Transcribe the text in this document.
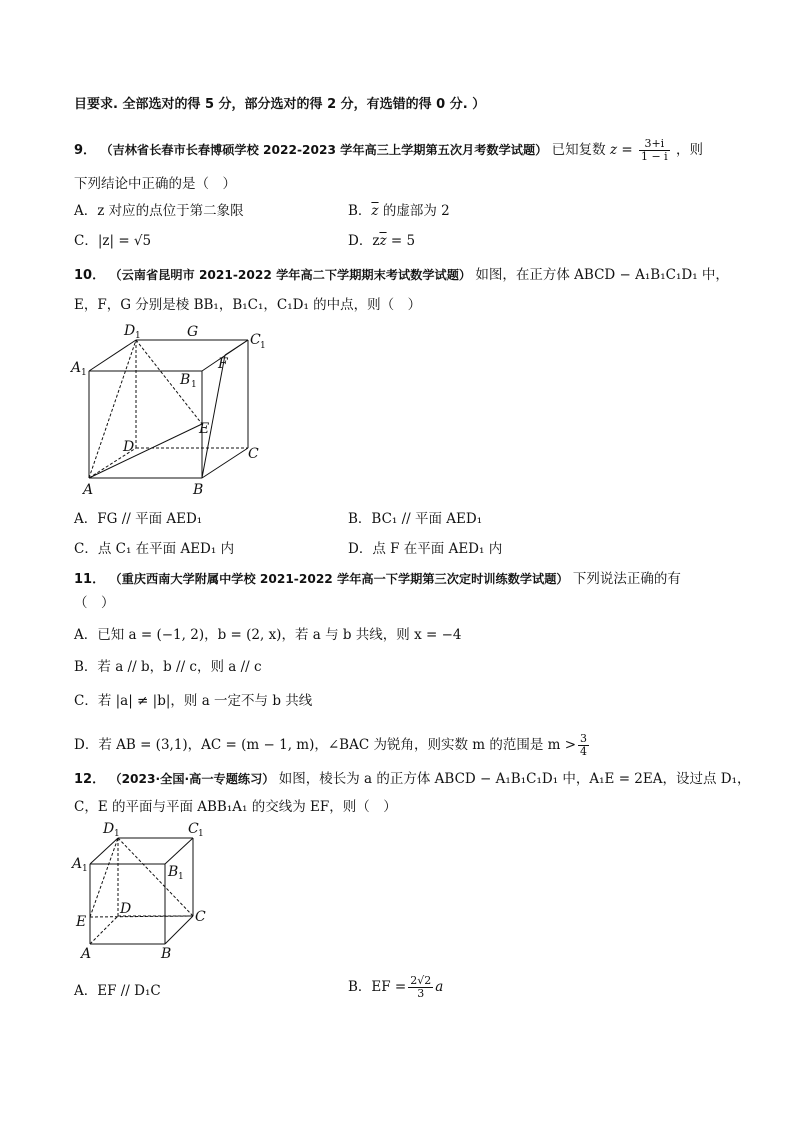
目要求. 全部选对的得 5 分，部分选对的得 2 分，有选错的得 0 分. ）
9． （吉林省长春市长春博硕学校 2022-2023 学年高三上学期第五次月考数学试题） 已知复数 $z = \frac{3+i}{1 - i}$ ，则
下列结论中正确的是（　）
A．z 对应的点位于第二象限	B．$\overline{z}$ 的虚部为 2
C．|z| = √5	D．$z\overline{z} = 5$
10． （云南省昆明市 2021-2022 学年高二下学期期末考试数学试题） 如图，在正方体 ABCD − A₁B₁C₁D₁ 中，
E，F，G 分别是棱 BB₁，B₁C₁，C₁D₁ 的中点，则（　）
D 1	G	C 1
A 1
F
B 1
E
D	C
A	B
A．FG // 平面 AED₁	B．BC₁ // 平面 AED₁
C．点 C₁ 在平面 AED₁ 内	D．点 F 在平面 AED₁ 内
11． （重庆西南大学附属中学校 2021-2022 学年高一下学期第三次定时训练数学试题） 下列说法正确的有
（　）
A．已知 a = (−1, 2)，b = (2, x)，若 a 与 b 共线，则 x = −4
B．若 a // b，b // c，则 a // c
C．若 |a| ≠ |b|，则 a 一定不与 b 共线
D．若 AB = (3,1)，AC = (m − 1, m)，∠BAC 为锐角，则实数 m 的范围是 $m > \frac{3}{4}$
12． （2023·全国·高一专题练习） 如图，棱长为 a 的正方体 ABCD − A₁B₁C₁D₁ 中，A₁E = 2EA，设过点 D₁，
C，E 的平面与平面 ABB₁A₁ 的交线为 EF，则（　）
D 1	C 1
A 1	B 1
E
D	C
A	B
A．EF // D₁C	B．EF = $\frac{2√2}{3}$ a
